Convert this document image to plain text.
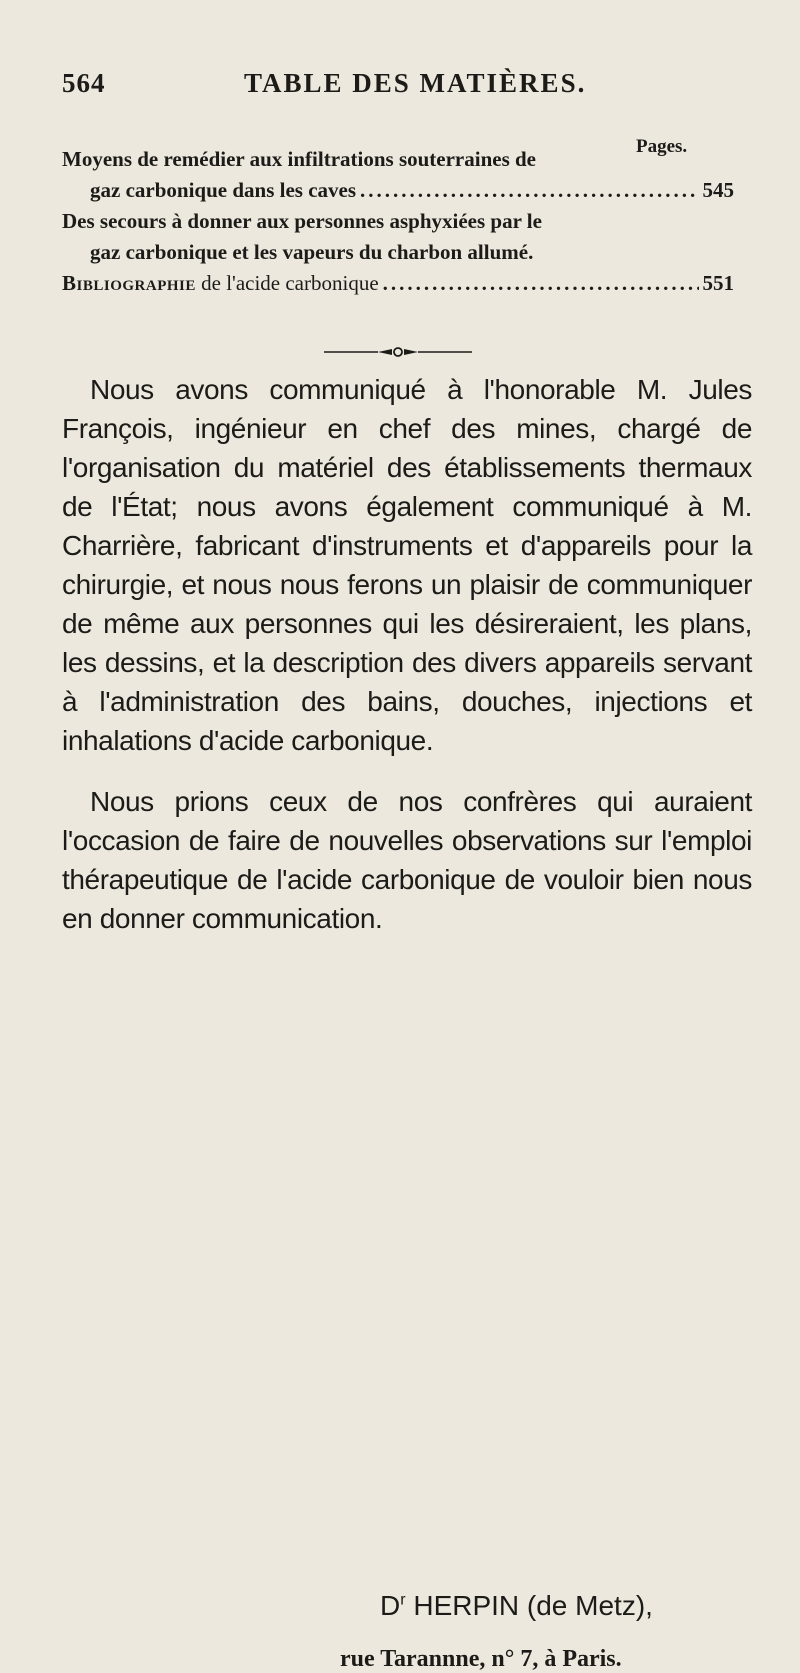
564	TABLE DES MATIÈRES.
Pages.
Moyens de remédier aux infiltrations souterraines de
gaz carbonique dans les caves .....	545
Des secours à donner aux personnes asphyxiées par le
gaz carbonique et les vapeurs du charbon allumé.
Bibliographie de l'acide carbonique .....	551

Nous avons communiqué à l'honorable M. Jules François, ingénieur en chef des mines, chargé de l'organisation du matériel des établissements thermaux de l'État; nous avons également communiqué à M. Charrière, fabricant d'instruments et d'appareils pour la chirurgie, et nous nous ferons un plaisir de communiquer de même aux personnes qui les désireraient, les plans, les dessins, et la description des divers appareils servant à l'administration des bains, douches, injections et inhalations d'acide carbonique.

Nous prions ceux de nos confrères qui auraient l'occasion de faire de nouvelles observations sur l'emploi thérapeutique de l'acide carbonique de vouloir bien nous en donner communication.

$D^r$ HERPIN (de Metz),
rue Tarannne, n° 7, à Paris.
